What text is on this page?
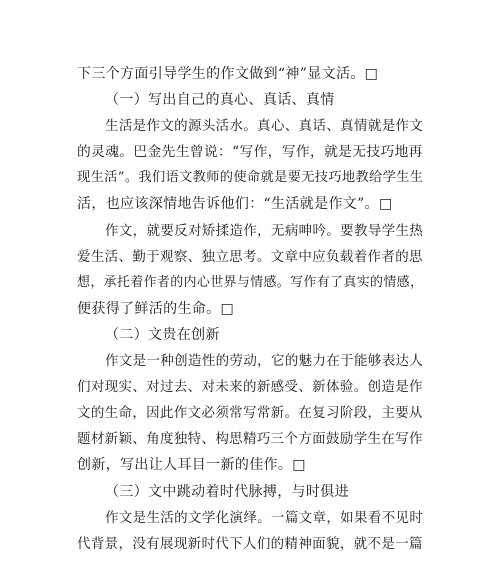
下三个方面引导学生的作文做到“神”显文活。□
（一）写出自己的真心、真话、真情
生活是作文的源头活水。真心、真话、真情就是作文
的灵魂。巴金先生曾说：“写作，写作，就是无技巧地再
现生活”。我们语文教师的使命就是要无技巧地教给学生生
活，也应该深情地告诉他们：“生活就是作文”。□
作文，就要反对矫揉造作，无病呻吟。要教导学生热
爱生活、勤于观察、独立思考。文章中应负载着作者的思
想，承托着作者的内心世界与情感。写作有了真实的情感，
便获得了鲜活的生命。□
（二）文贵在创新
作文是一种创造性的劳动，它的魅力在于能够表达人
们对现实、对过去、对未来的新感受、新体验。创造是作
文的生命，因此作文必须常写常新。在复习阶段，主要从
题材新颖、角度独特、构思精巧三个方面鼓励学生在写作
创新，写出让人耳目一新的佳作。□
（三）文中跳动着时代脉搏，与时俱进
作文是生活的文学化演绎。一篇文章，如果看不见时
代背景，没有展现新时代下人们的精神面貌，就不是一篇
